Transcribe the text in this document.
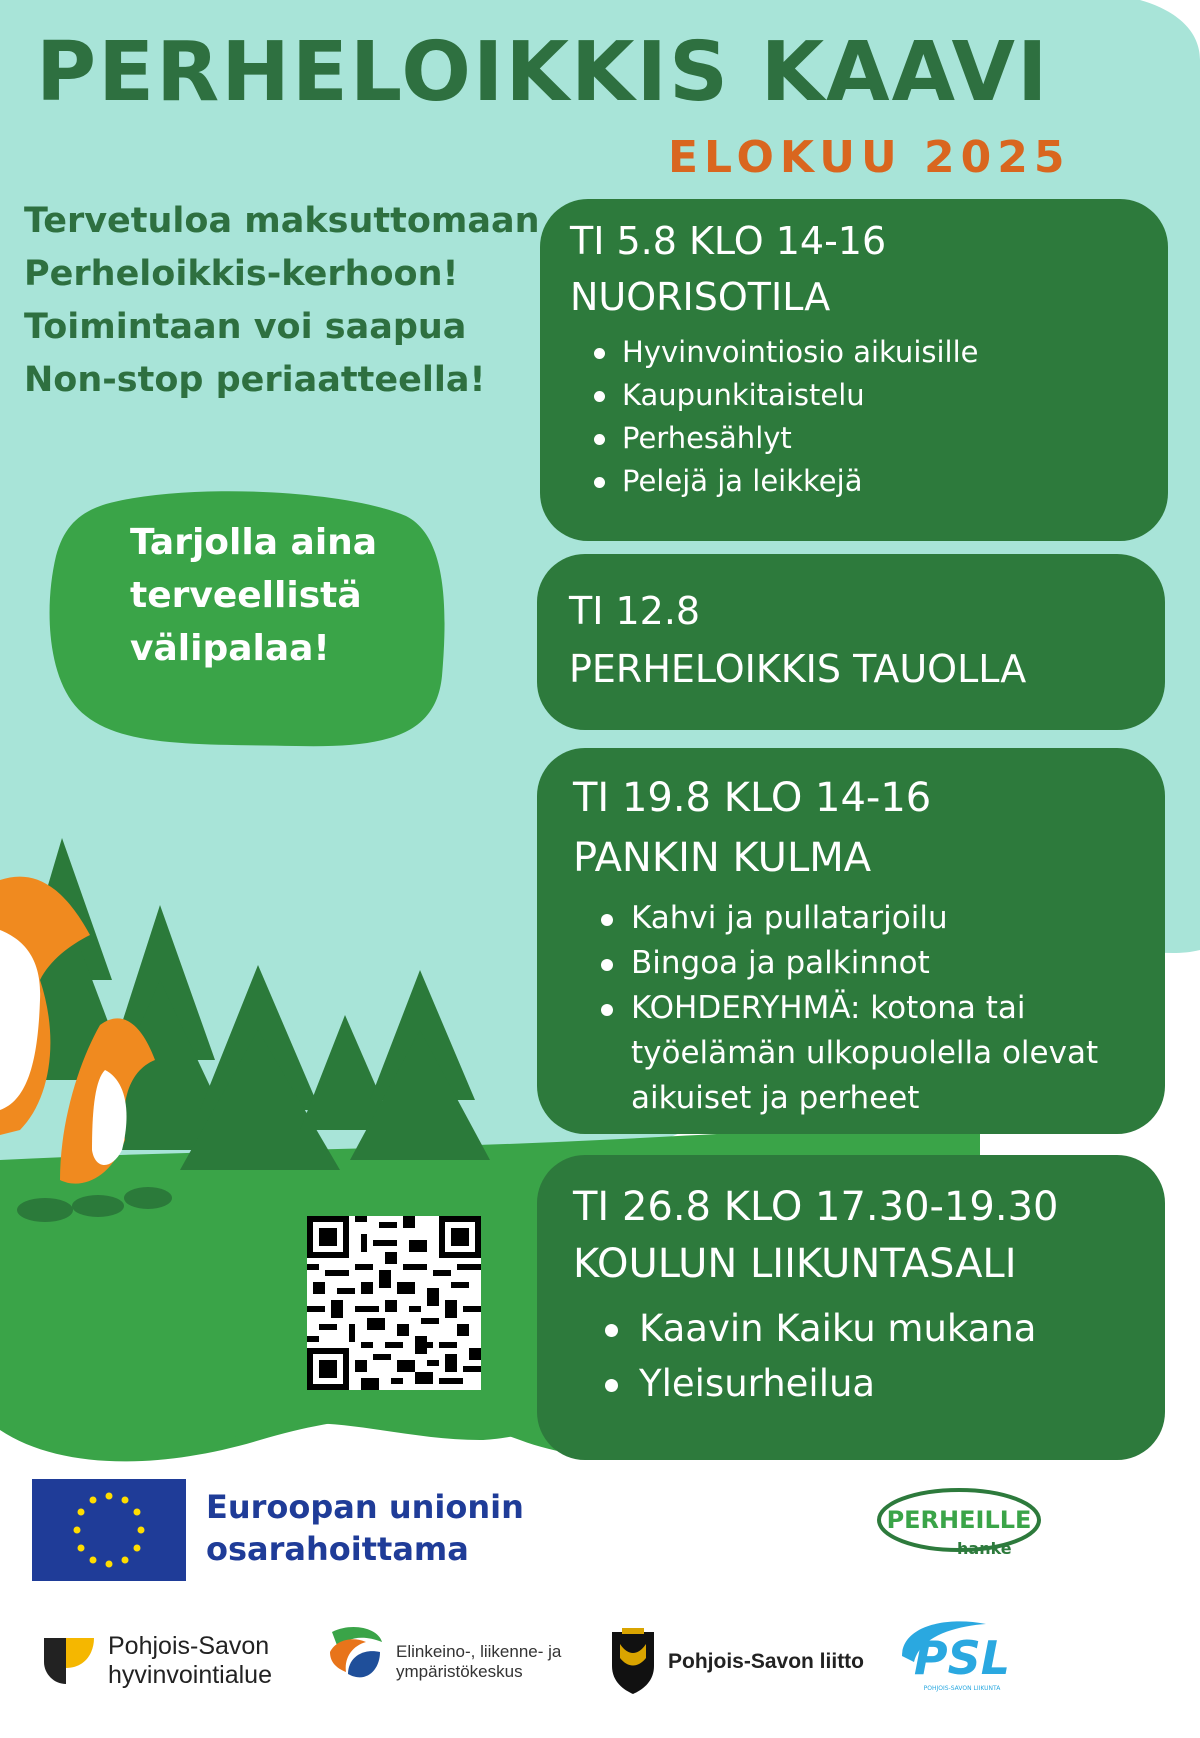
PERHELOIKKIS KAAVI
ELOKUU 2025
Tervetuloa maksuttomaan
Perheloikkis-kerhoon!
Toimintaan voi saapua
Non-stop periaatteella!
Tarjolla aina
terveellistä
välipalaa!
TI 5.8 KLO 14-16
NUORISOTILA
Hyvinvointiosio aikuisille
Kaupunkitaistelu
Perhesählyt
Pelejä ja leikkejä
TI 12.8
PERHELOIKKIS TAUOLLA
TI 19.8 KLO 14-16
PANKIN KULMA
Kahvi ja pullatarjoilu
Bingoa ja palkinnot
KOHDERYHMÄ: kotona tai työelämän ulkopuolella olevat aikuiset ja perheet
TI 26.8 KLO 17.30-19.30
KOULUN LIIKUNTASALI
Kaavin Kaiku mukana
Yleisurheilua
Euroopan unionin
osarahoittama
PERHEILLE
-hanke
Pohjois-Savon
hyvinvointialue
Elinkeino-, liikenne- ja
ympäristökeskus	Pohjois-Savon liitto PSL
POHJOIS-SAVON LIIKUNTA
